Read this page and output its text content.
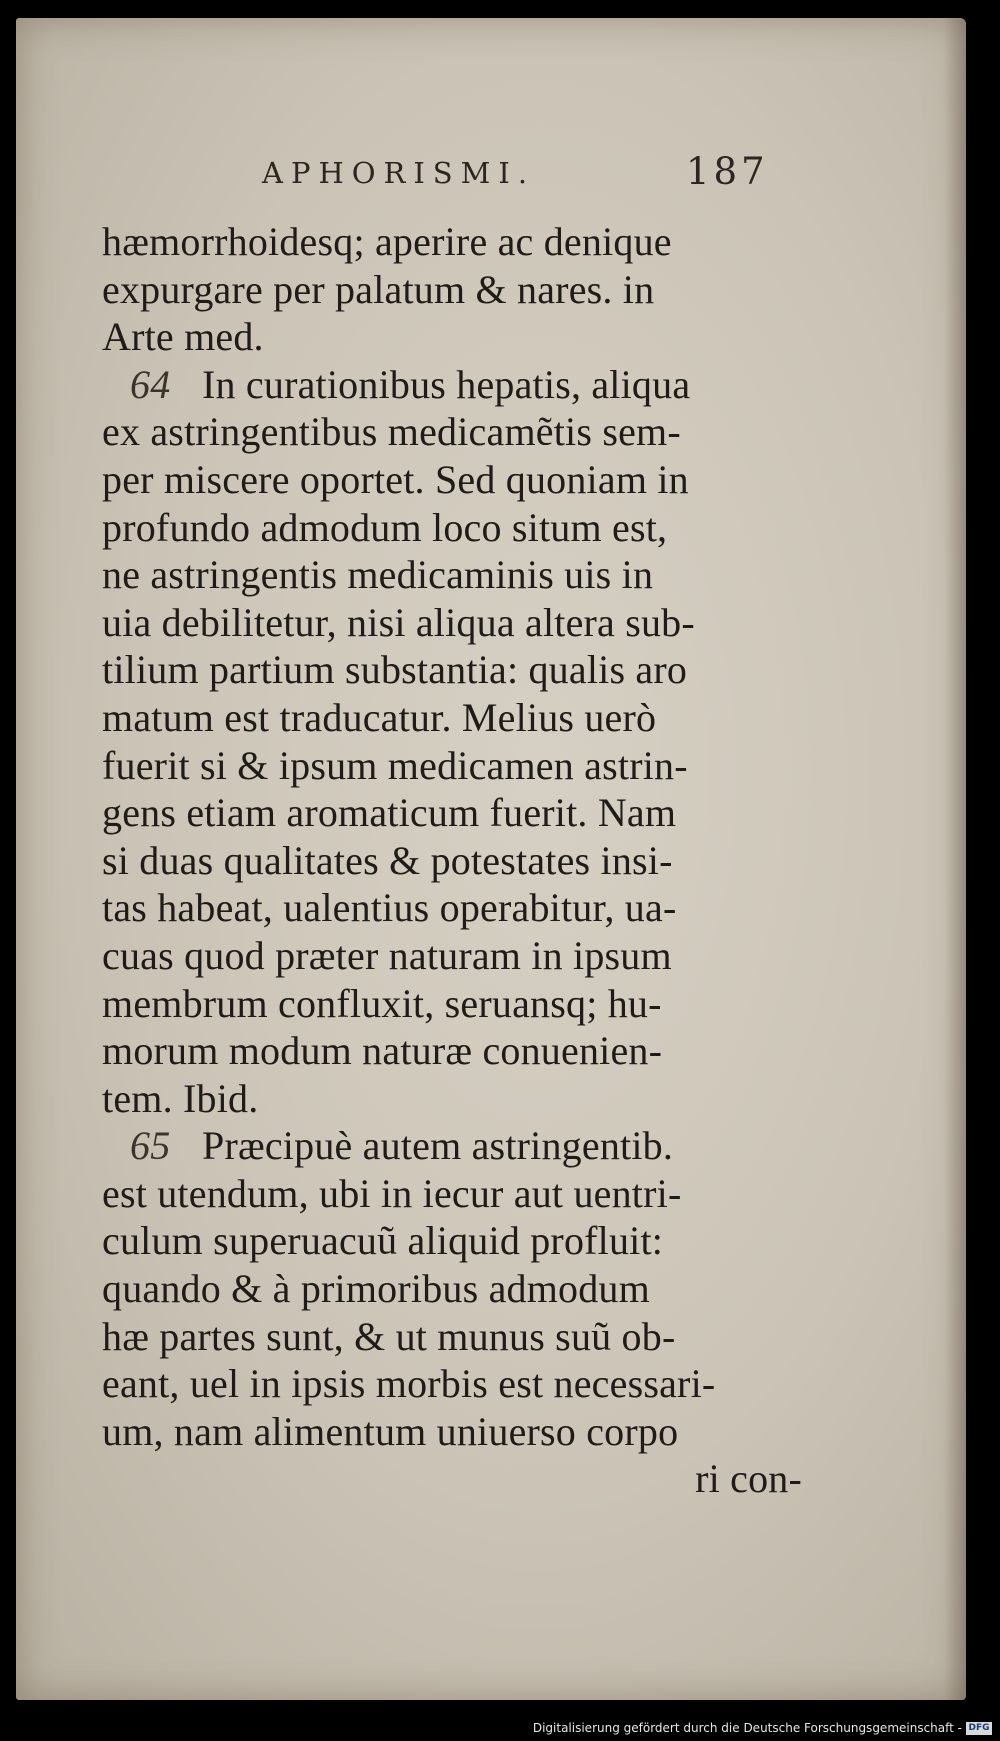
APHORISMI.	187
hæmorrhoidesq; aperire ac denique
expurgare per palatum & nares. in
Arte med.
64 In curationibus hepatis, aliqua
ex astringentibus medicamẽtis sem-
per miscere oportet. Sed quoniam in
profundo admodum loco situm est,
ne astringentis medicaminis uis in
uia debilitetur, nisi aliqua altera sub-
tilium partium substantia: qualis aro
matum est traducatur. Melius uerò
fuerit si & ipsum medicamen astrin-
gens etiam aromaticum fuerit. Nam
si duas qualitates & potestates insi-
tas habeat, ualentius operabitur, ua-
cuas quod præter naturam in ipsum
membrum confluxit, seruansq; hu-
morum modum naturæ conuenien-
tem. Ibid.
65 Præcipuè autem astringentib.
est utendum, ubi in iecur aut uentri-
culum superuacuũ aliquid profluit:
quando & à primoribus admodum
hæ partes sunt, & ut munus suũ ob-
eant, uel in ipsis morbis est necessari-
um, nam alimentum uniuerso corpo
ri con-
Digitalisierung gefördert durch die Deutsche Forschungsgemeinschaft - DFG
